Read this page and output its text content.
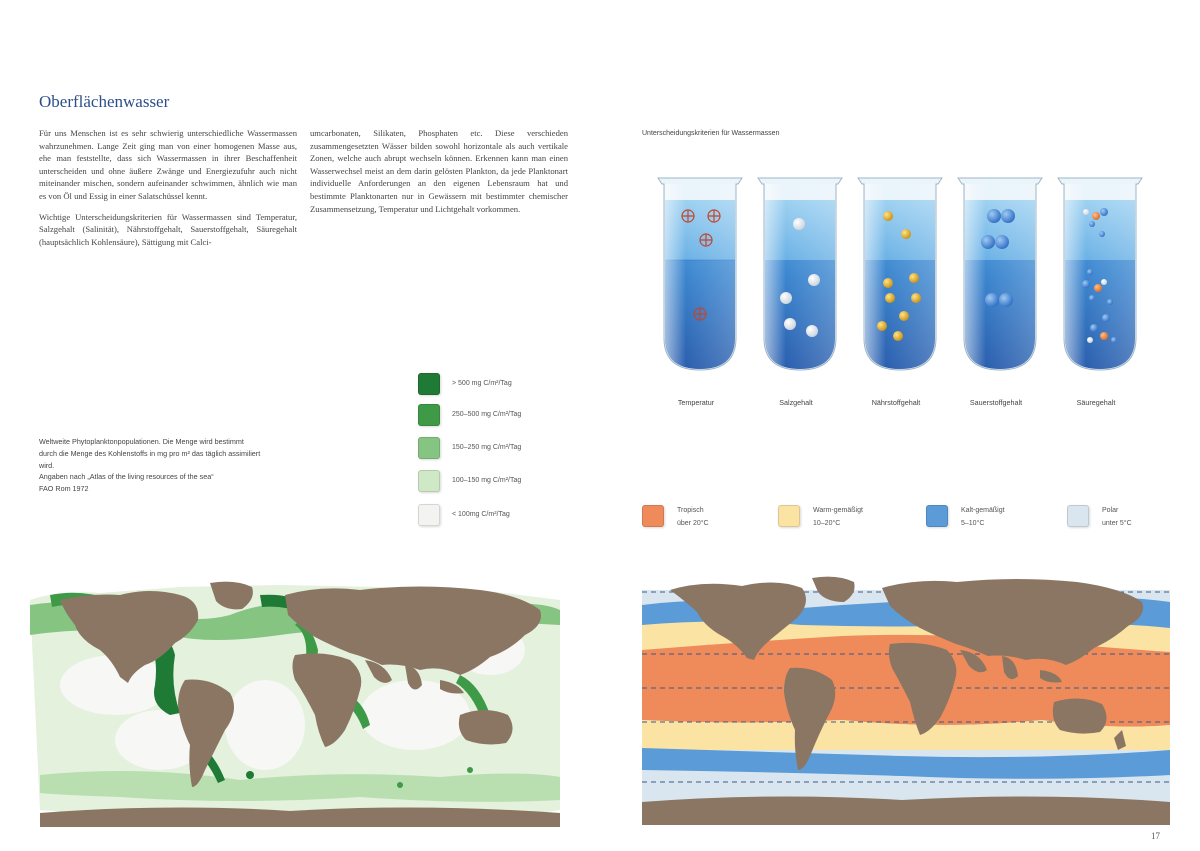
Oberflächenwasser

Für uns Menschen ist es sehr schwierig unterschiedliche Wassermassen wahrzunehmen. Lange Zeit ging man von einer homogenen Masse aus, ehe man feststellte, dass sich Wassermassen in ihrer Beschaffenheit unterscheiden und ohne äußere Zwänge und Energiezufuhr auch nicht miteinander mischen, sondern aufeinander schwimmen, ähnlich wie man es von Öl und Essig in einer Salatschüssel kennt.

Wichtige Unterscheidungskriterien für Wassermassen sind Temperatur, Salzgehalt (Salinität), Nährstoffgehalt, Sauerstoffgehalt, Säuregehalt (hauptsächlich Kohlensäure), Sättigung mit Calci-

umcarbonaten, Silikaten, Phosphaten etc. Diese verschieden zusammengesetzten Wässer bilden sowohl horizontale als auch vertikale Zonen, welche auch abrupt wechseln können. Erkennen kann man einen Wasserwechsel meist an dem darin gelösten Plankton, da jede Planktonart individuelle Anforderungen an den eigenen Lebensraum hat und bestimmte Planktonarten nur in Gewässern mit bestimmter chemischer Zusammensetzung, Temperatur und Lichtgehalt vorkommen.

Unterscheidungskriterien für Wassermassen
Temperatur	Salzgehalt	Nährstoffgehalt	Sauerstoffgehalt	Säuregehalt
> 500 mg C/m²/Tag
250–500 mg C/m²/Tag
150–250 mg C/m²/Tag
100–150 mg C/m²/Tag
< 100mg C/m²/Tag
Weltweite Phytoplanktonpopulationen. Die Menge wird bestimmt
durch die Menge des Kohlenstoffs in mg pro m² das täglich assimiliert
wird.
Angaben nach „Atlas of the living resources of the sea“
FAO Rom 1972
Tropisch
über 20°C
Warm-gemäßigt
10–20°C
Kalt-gemäßigt
5–10°C
Polar
unter 5°C
17
